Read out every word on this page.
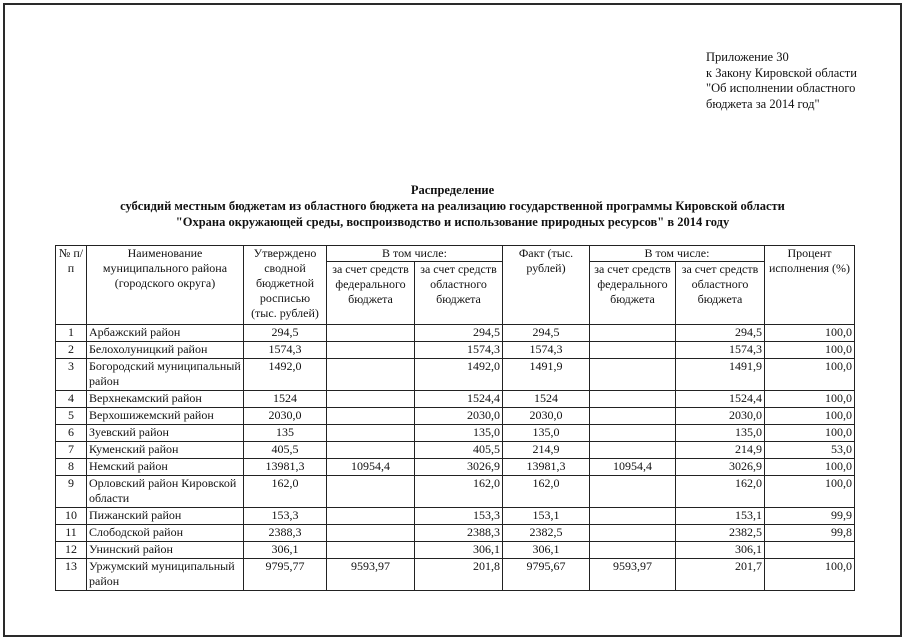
Приложение 30
к Закону Кировской области
"Об исполнении областного
бюджета за 2014 год"
Распределение
субсидий местным бюджетам из областного бюджета на реализацию государственной программы Кировской области
"Охрана окружающей среды, воспроизводство и использование природных ресурсов" в 2014 году
№ п/п	Наименование муниципального района (городского округа)	Утверждено сводной бюджетной росписью (тыс. рублей)	В том числе:		Факт (тыс. рублей)	В том числе:		Процент исполнения (%)
			за счет средств федерального бюджета	за счет средств областного бюджета		за счет средств федерального бюджета	за счет средств областного бюджета	
1	Арбажский район	294,5		294,5	294,5		294,5	100,0
2	Белохолуницкий район	1574,3		1574,3	1574,3		1574,3	100,0
3	Богородский муниципальный район	1492,0		1492,0	1491,9		1491,9	100,0
4	Верхнекамский район	1524		1524,4	1524		1524,4	100,0
5	Верхошижемский район	2030,0		2030,0	2030,0		2030,0	100,0
6	Зуевский район	135		135,0	135,0		135,0	100,0
7	Куменский район	405,5		405,5	214,9		214,9	53,0
8	Немский район	13981,3	10954,4	3026,9	13981,3	10954,4	3026,9	100,0
9	Орловский район Кировской области	162,0		162,0	162,0		162,0	100,0
10	Пижанский район	153,3		153,3	153,1		153,1	99,9
11	Слободской район	2388,3		2388,3	2382,5		2382,5	99,8
12	Унинский район	306,1		306,1	306,1		306,1	
13	Уржумский муниципальный район	9795,77	9593,97	201,8	9795,67	9593,97	201,7	100,0
